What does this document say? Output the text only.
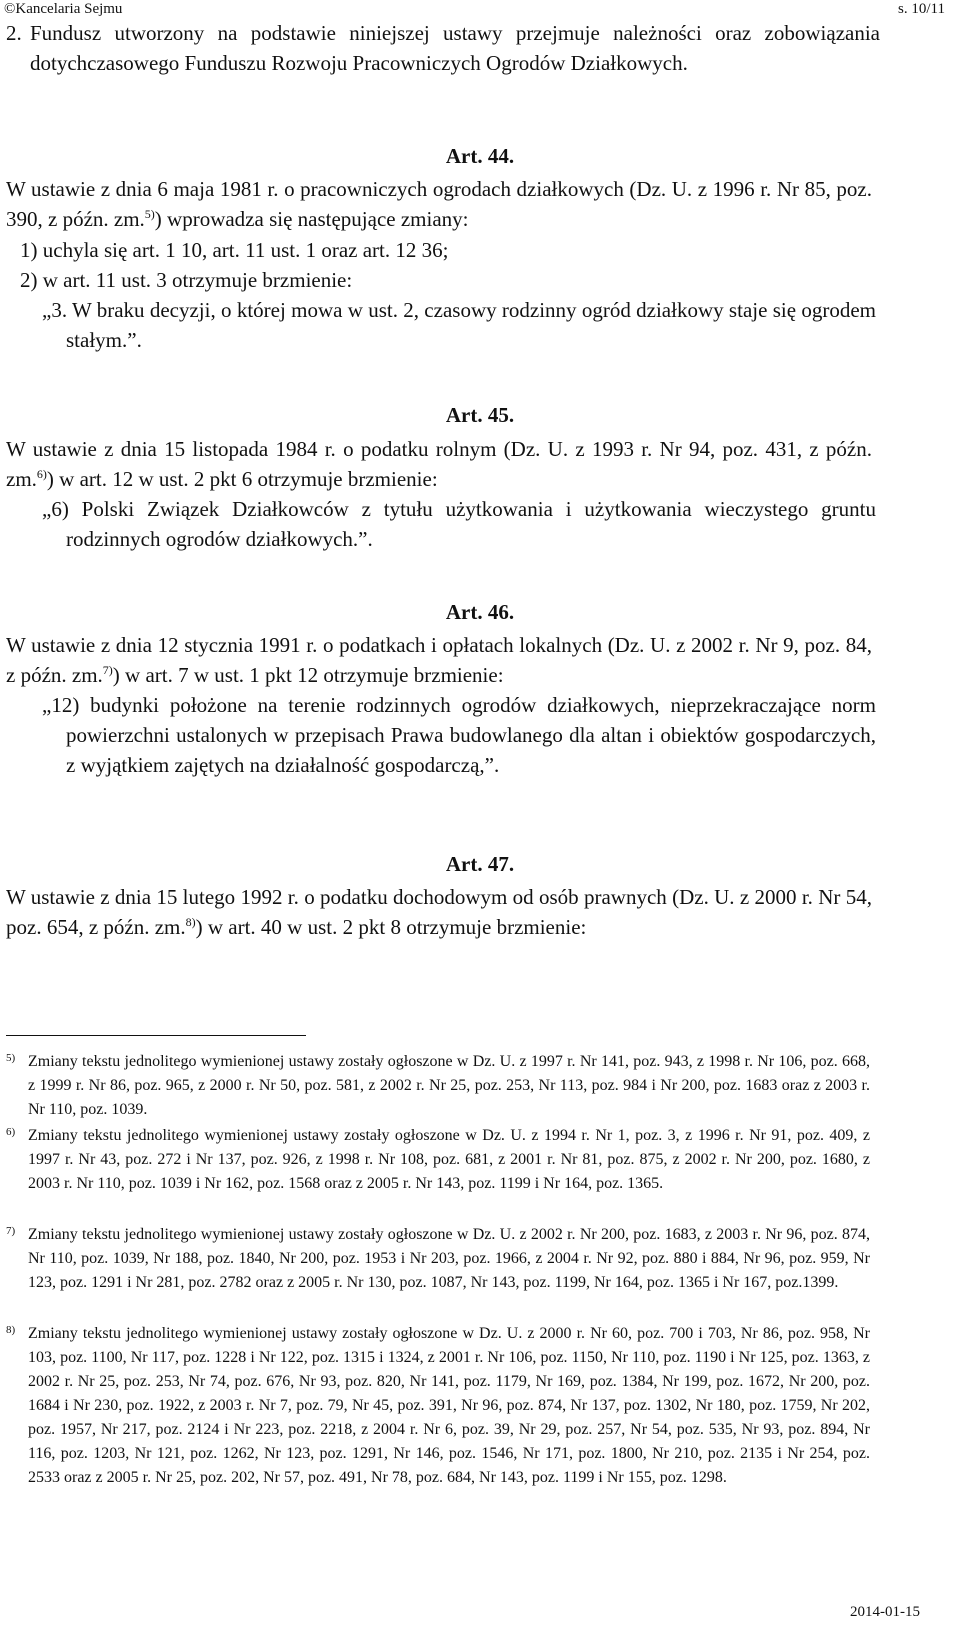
©Kancelaria Sejmu	s. 10/11
2. Fundusz utworzony na podstawie niniejszej ustawy przejmuje należności oraz zobowiązania dotychczasowego Funduszu Rozwoju Pracowniczych Ogrodów Działkowych.
Art. 44.
W ustawie z dnia 6 maja 1981 r. o pracowniczych ogrodach działkowych (Dz. U. z 1996 r. Nr 85, poz. 390, z późn. zm.$^{5)}$) wprowadza się następujące zmiany:
1) uchyla się art. 1 10, art. 11 ust. 1 oraz art. 12 36;
2) w art. 11 ust. 3 otrzymuje brzmienie:
„3. W braku decyzji, o której mowa w ust. 2, czasowy rodzinny ogród działkowy staje się ogrodem stałym.”.
Art. 45.
W ustawie z dnia 15 listopada 1984 r. o podatku rolnym (Dz. U. z 1993 r. Nr 94, poz. 431, z późn. zm.$^{6)}$) w art. 12 w ust. 2 pkt 6 otrzymuje brzmienie:
„6) Polski Związek Działkowców z tytułu użytkowania i użytkowania wieczystego gruntu rodzinnych ogrodów działkowych.”.
Art. 46.
W ustawie z dnia 12 stycznia 1991 r. o podatkach i opłatach lokalnych (Dz. U. z 2002 r. Nr 9, poz. 84, z późn. zm.$^{7)}$) w art. 7 w ust. 1 pkt 12 otrzymuje brzmienie:
„12) budynki położone na terenie rodzinnych ogrodów działkowych, nieprzekraczające norm powierzchni ustalonych w przepisach Prawa budowlanego dla altan i obiektów gospodarczych, z wyjątkiem zajętych na działalność gospodarczą,”.
Art. 47.
W ustawie z dnia 15 lutego 1992 r. o podatku dochodowym od osób prawnych (Dz. U. z 2000 r. Nr 54, poz. 654, z późn. zm.$^{8)}$) w art. 40 w ust. 2 pkt 8 otrzymuje brzmienie:
5) Zmiany tekstu jednolitego wymienionej ustawy zostały ogłoszone w Dz. U. z 1997 r. Nr 141, poz. 943, z 1998 r. Nr 106, poz. 668, z 1999 r. Nr 86, poz. 965, z 2000 r. Nr 50, poz. 581, z 2002 r. Nr 25, poz. 253, Nr 113, poz. 984 i Nr 200, poz. 1683 oraz z 2003 r. Nr 110, poz. 1039.
6) Zmiany tekstu jednolitego wymienionej ustawy zostały ogłoszone w Dz. U. z 1994 r. Nr 1, poz. 3, z 1996 r. Nr 91, poz. 409, z 1997 r. Nr 43, poz. 272 i Nr 137, poz. 926, z 1998 r. Nr 108, poz. 681, z 2001 r. Nr 81, poz. 875, z 2002 r. Nr 200, poz. 1680, z 2003 r. Nr 110, poz. 1039 i Nr 162, poz. 1568 oraz z 2005 r. Nr 143, poz. 1199 i Nr 164, poz. 1365.
7) Zmiany tekstu jednolitego wymienionej ustawy zostały ogłoszone w Dz. U. z 2002 r. Nr 200, poz. 1683, z 2003 r. Nr 96, poz. 874, Nr 110, poz. 1039, Nr 188, poz. 1840, Nr 200, poz. 1953 i Nr 203, poz. 1966, z 2004 r. Nr 92, poz. 880 i 884, Nr 96, poz. 959, Nr 123, poz. 1291 i Nr 281, poz. 2782 oraz z 2005 r. Nr 130, poz. 1087, Nr 143, poz. 1199, Nr 164, poz. 1365 i Nr 167, poz.1399.
8) Zmiany tekstu jednolitego wymienionej ustawy zostały ogłoszone w Dz. U. z 2000 r. Nr 60, poz. 700 i 703, Nr 86, poz. 958, Nr 103, poz. 1100, Nr 117, poz. 1228 i Nr 122, poz. 1315 i 1324, z 2001 r. Nr 106, poz. 1150, Nr 110, poz. 1190 i Nr 125, poz. 1363, z 2002 r. Nr 25, poz. 253, Nr 74, poz. 676, Nr 93, poz. 820, Nr 141, poz. 1179, Nr 169, poz. 1384, Nr 199, poz. 1672, Nr 200, poz. 1684 i Nr 230, poz. 1922, z 2003 r. Nr 7, poz. 79, Nr 45, poz. 391, Nr 96, poz. 874, Nr 137, poz. 1302, Nr 180, poz. 1759, Nr 202, poz. 1957, Nr 217, poz. 2124 i Nr 223, poz. 2218, z 2004 r. Nr 6, poz. 39, Nr 29, poz. 257, Nr 54, poz. 535, Nr 93, poz. 894, Nr 116, poz. 1203, Nr 121, poz. 1262, Nr 123, poz. 1291, Nr 146, poz. 1546, Nr 171, poz. 1800, Nr 210, poz. 2135 i Nr 254, poz. 2533 oraz z 2005 r. Nr 25, poz. 202, Nr 57, poz. 491, Nr 78, poz. 684, Nr 143, poz. 1199 i Nr 155, poz. 1298.
2014-01-15
